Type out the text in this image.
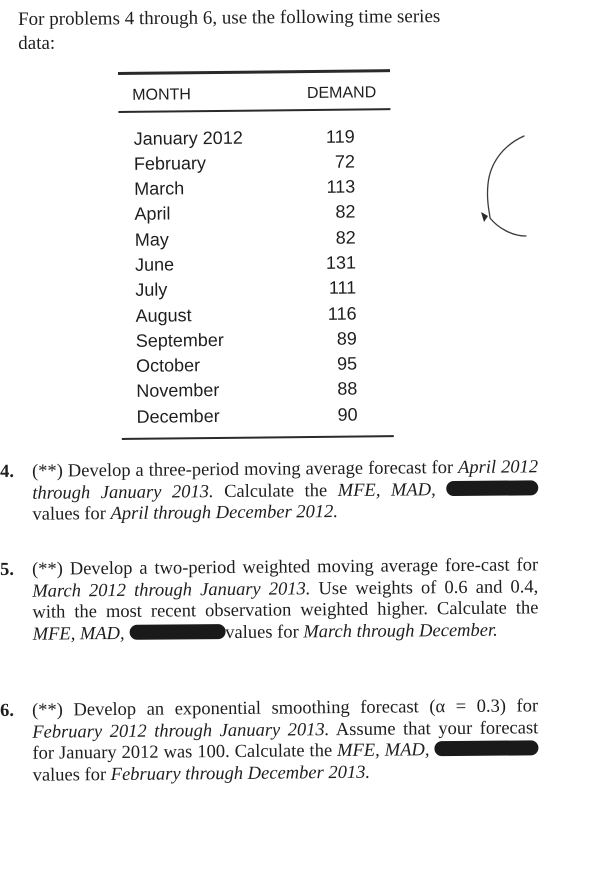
For problems 4 through 6, use the following time series
data:
MONTH	DEMAND
January 2012	119
February	72
March	113
April	82
May	82
June	131
July	111
August	116
September	89
October	95
November	88
December	90
4. (**) Develop a three-period moving average forecast for April 2012 through January 2013. Calculate the MFE, MAD, values for April through December 2012.
5. (**) Develop a two-period weighted moving average fore-cast for March 2012 through January 2013. Use weights of 0.6 and 0.4, with the most recent observation weighted higher. Calculate the MFE, MAD,	values for March through December.
6. (**) Develop an exponential smoothing forecast (α = 0.3) for February 2012 through January 2013. Assume that your forecast for January 2012 was 100. Calculate the MFE, MAD, values for February through December 2013.
